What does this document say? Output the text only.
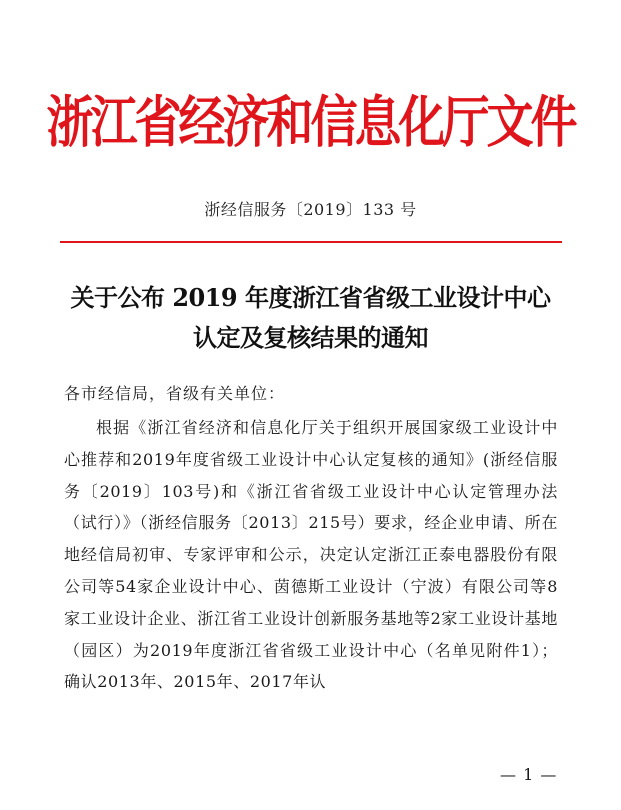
浙江省经济和信息化厅文件
浙经信服务〔2019〕133 号
关于公布 2019 年度浙江省省级工业设计中心
认定及复核结果的通知
各市经信局，省级有关单位：
根据《浙江省经济和信息化厅关于组织开展国家级工业设计中心推荐和2019年度省级工业设计中心认定复核的通知》(浙经信服务〔2019〕103号)和《浙江省省级工业设计中心认定管理办法（试行）》（浙经信服务〔2013〕215号）要求，经企业申请、所在地经信局初审、专家评审和公示，决定认定浙江正泰电器股份有限公司等54家企业设计中心、茵德斯工业设计（宁波）有限公司等8家工业设计企业、浙江省工业设计创新服务基地等2家工业设计基地（园区）为2019年度浙江省省级工业设计中心（名单见附件1）；确认2013年、2015年、2017年认
— 1 —
